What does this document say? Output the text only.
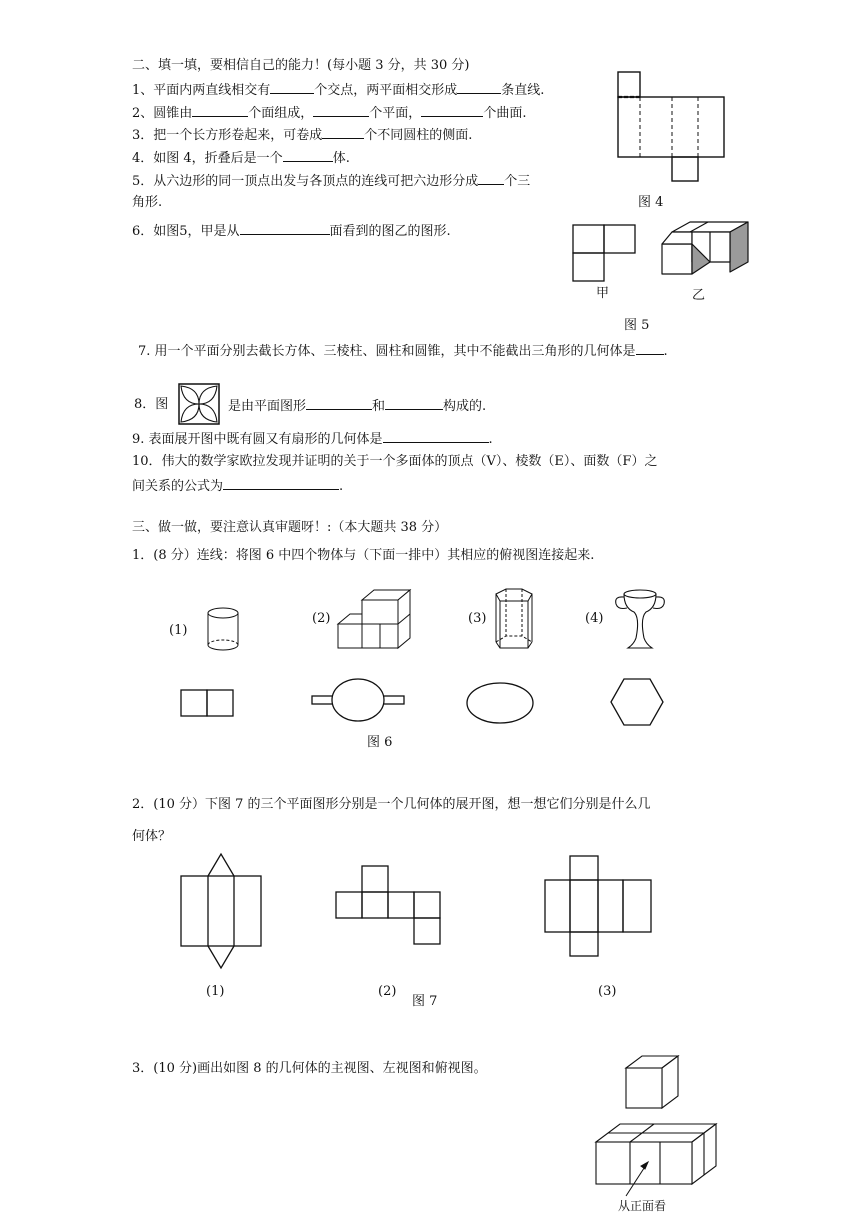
二、填一填，要相信自己的能力！(每小题 3 分，共 30 分)
1、平面内两直线相交有	个交点，两平面相交形成	条直线.
2、圆锥由	个面组成，	个平面，	个曲面.
3．把一个长方形卷起来，可卷成	个不同圆柱的侧面.
4．如图 4，折叠后是一个	体.
5．从六边形的同一顶点出发与各顶点的连线可把六边形分成 个三
角形.	图 4
6．如图5，甲是从	面看到的图乙的图形.
甲	乙
图 5
7. 用一个平面分别去截长方体、三棱柱、圆柱和圆锥，其中不能截出三角形的几何体是 .
8．图	是由平面图形	和	构成的.
9. 表面展开图中既有圆又有扇形的几何体是	.
10．伟大的数学家欧拉发现并证明的关于一个多面体的顶点（V）、棱数（E）、面数（F）之
间关系的公式为	.
三、做一做，要注意认真审题呀！:（本大题共 38 分）
1．(8 分）连线：将图 6 中四个物体与（下面一排中）其相应的俯视图连接起来.
(1)
(2)	(3)	(4)
图 6
2．(10 分）下图 7 的三个平面图形分别是一个几何体的展开图，想一想它们分别是什么几
何体？
(1)	(2)
图 7
(3)
3．(10 分)画出如图 8 的几何体的主视图、左视图和俯视图。
从正面看
